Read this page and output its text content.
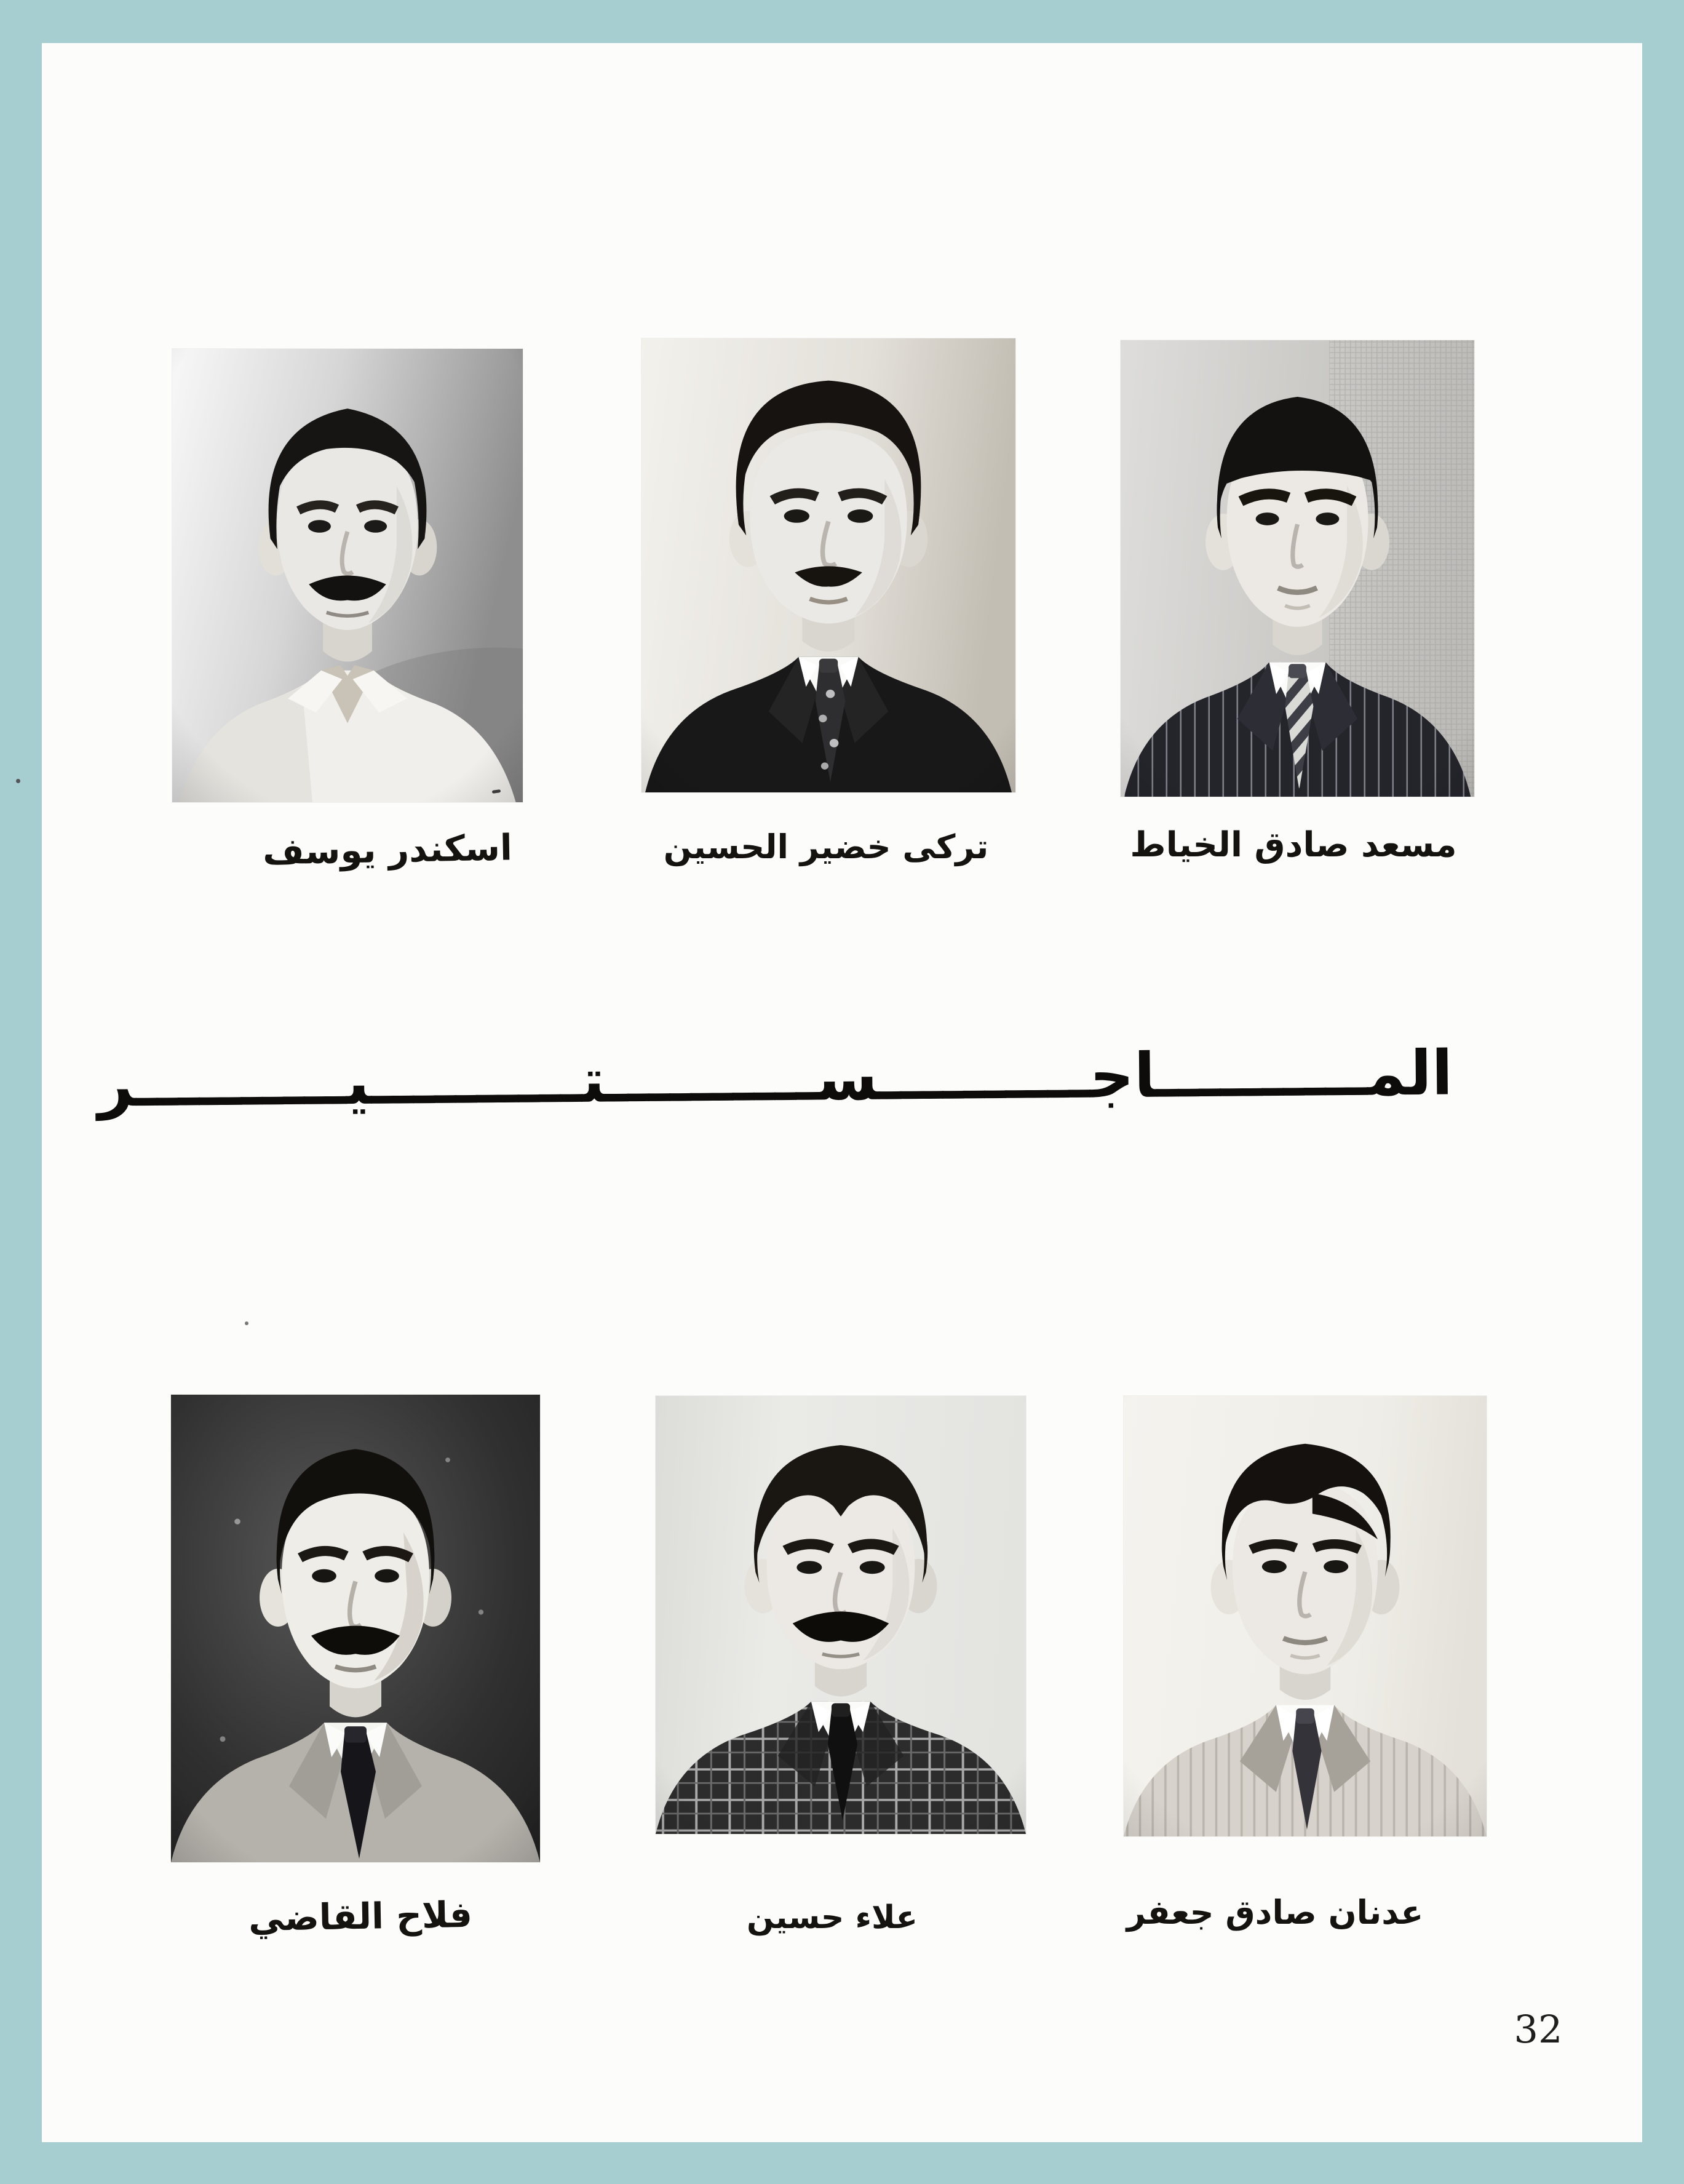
اسكندر يوسف	تركى خضير الحسين	مسعد صادق الخياط
فلاح القاضي	علاء حسين	عدنان صادق جعفر
المــــــــــاجــــــــــســــــــــتــــــــــيــــــــــر
32
